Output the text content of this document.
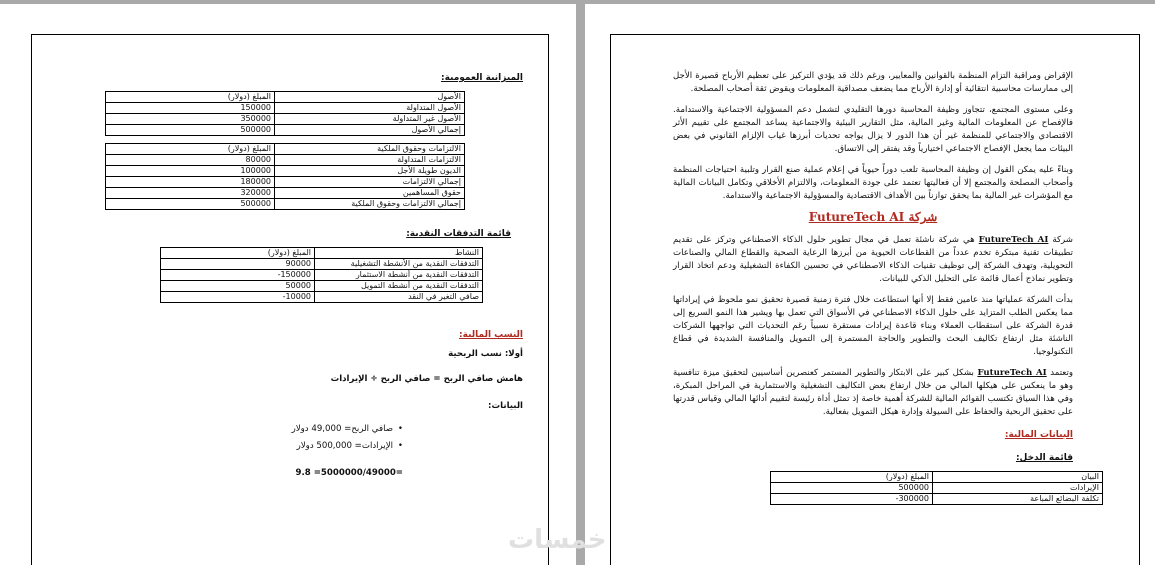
الميزانية العمومية:
الأصول	المبلغ (دولار)
الأصول المتداولة	150000
الأصول غير المتداولة	350000
إجمالي الأصول	500000

الالتزامات وحقوق الملكية	المبلغ (دولار)
الالتزامات المتداولة	80000
الديون طويلة الأجل	100000
إجمالي الالتزامات	180000
حقوق المساهمين	320000
إجمالي الالتزامات وحقوق الملكية	500000
قائمة التدفقات النقدية:
النشاط	المبلغ (دولار)
التدفقات النقدية من الأنشطة التشغيلية	90000
التدفقات النقدية من أنشطة الاستثمار	-150000
التدفقات النقدية من أنشطة التمويل	50000
صافي التغير في النقد	-10000
النسب المالية:
أولا: نسب الربحية
هامش صافي الربح = صافي الربح ÷ الإيرادات
البيانات:
• صافي الربح= 49,000 دولار
• الإيرادات= 500,000 دولار
9.8 =5000000/49000=

الإقراض ومراقبة التزام المنظمة بالقوانين والمعايير، ورغم ذلك قد يؤدي التركيز على تعظيم الأرباح قصيرة الأجل إلى ممارسات محاسبية انتقائية أو إدارة الأرباح مما يضعف مصداقية المعلومات ويقوض ثقة أصحاب المصلحة.

وعلى مستوى المجتمع، تتجاوز وظيفة المحاسبة دورها التقليدي لتشمل دعم المسؤولية الاجتماعية والاستدامة. فالإفصاح عن المعلومات المالية وغير المالية، مثل التقارير البيئية والاجتماعية يساعد المجتمع على تقييم الأثر الاقتصادي والاجتماعي للمنظمة غير أن هذا الدور لا يزال يواجه تحديات أبرزها غياب الإلزام القانوني في بعض البيئات مما يجعل الإفصاح الاجتماعي اختيارياً وقد يفتقر إلى الاتساق.

وبناءً عليه يمكن القول إن وظيفة المحاسبة تلعب دوراً حيوياً في إعلام عملية صنع القرار وتلبية احتياجات المنظمة وأصحاب المصلحة والمجتمع إلا أن فعاليتها تعتمد على جودة المعلومات، والالتزام الأخلاقي وتكامل البيانات المالية مع المؤشرات غير المالية بما يحقق توازناً بين الأهداف الاقتصادية والمسؤولية الاجتماعية والاستدامة.

شركة FutureTech AI

شركة FutureTech AI هي شركة ناشئة تعمل في مجال تطوير حلول الذكاء الاصطناعي وتركز على تقديم تطبيقات تقنية مبتكرة تخدم عدداً من القطاعات الحيوية من أبرزها الرعاية الصحية والقطاع المالي والصناعات التحويلية، وتهدف الشركة إلى توظيف تقنيات الذكاء الاصطناعي في تحسين الكفاءة التشغيلية ودعم اتخاذ القرار وتطوير نماذج أعمال قائمة على التحليل الذكي للبيانات.

بدأت الشركة عملياتها منذ عامين فقط إلا أنها استطاعت خلال فترة زمنية قصيرة تحقيق نمو ملحوظ في إيراداتها مما يعكس الطلب المتزايد على حلول الذكاء الاصطناعي في الأسواق التي تعمل بها ويشير هذا النمو السريع إلى قدرة الشركة على استقطاب العملاء وبناء قاعدة إيرادات مستقرة نسبياً رغم التحديات التي تواجهها الشركات الناشئة مثل ارتفاع تكاليف البحث والتطوير والحاجة المستمرة إلى التمويل والمنافسة الشديدة في قطاع التكنولوجيا.

وتعتمد FutureTech AI بشكل كبير على الابتكار والتطوير المستمر كعنصرين أساسيين لتحقيق ميزة تنافسية وهو ما ينعكس على هيكلها المالي من خلال ارتفاع بعض التكاليف التشغيلية والاستثمارية في المراحل المبكرة، وفي هذا السياق تكتسب القوائم المالية للشركة أهمية خاصة إذ تمثل أداة رئيسة لتقييم أدائها المالي وقياس قدرتها على تحقيق الربحية والحفاظ على السيولة وإدارة هيكل التمويل بفعالية.

البيانات المالية:
قائمة الدخل:
البيان	المبلغ (دولار)
الإيرادات	500000
تكلفة البضائع المباعة	-300000
خمسات
